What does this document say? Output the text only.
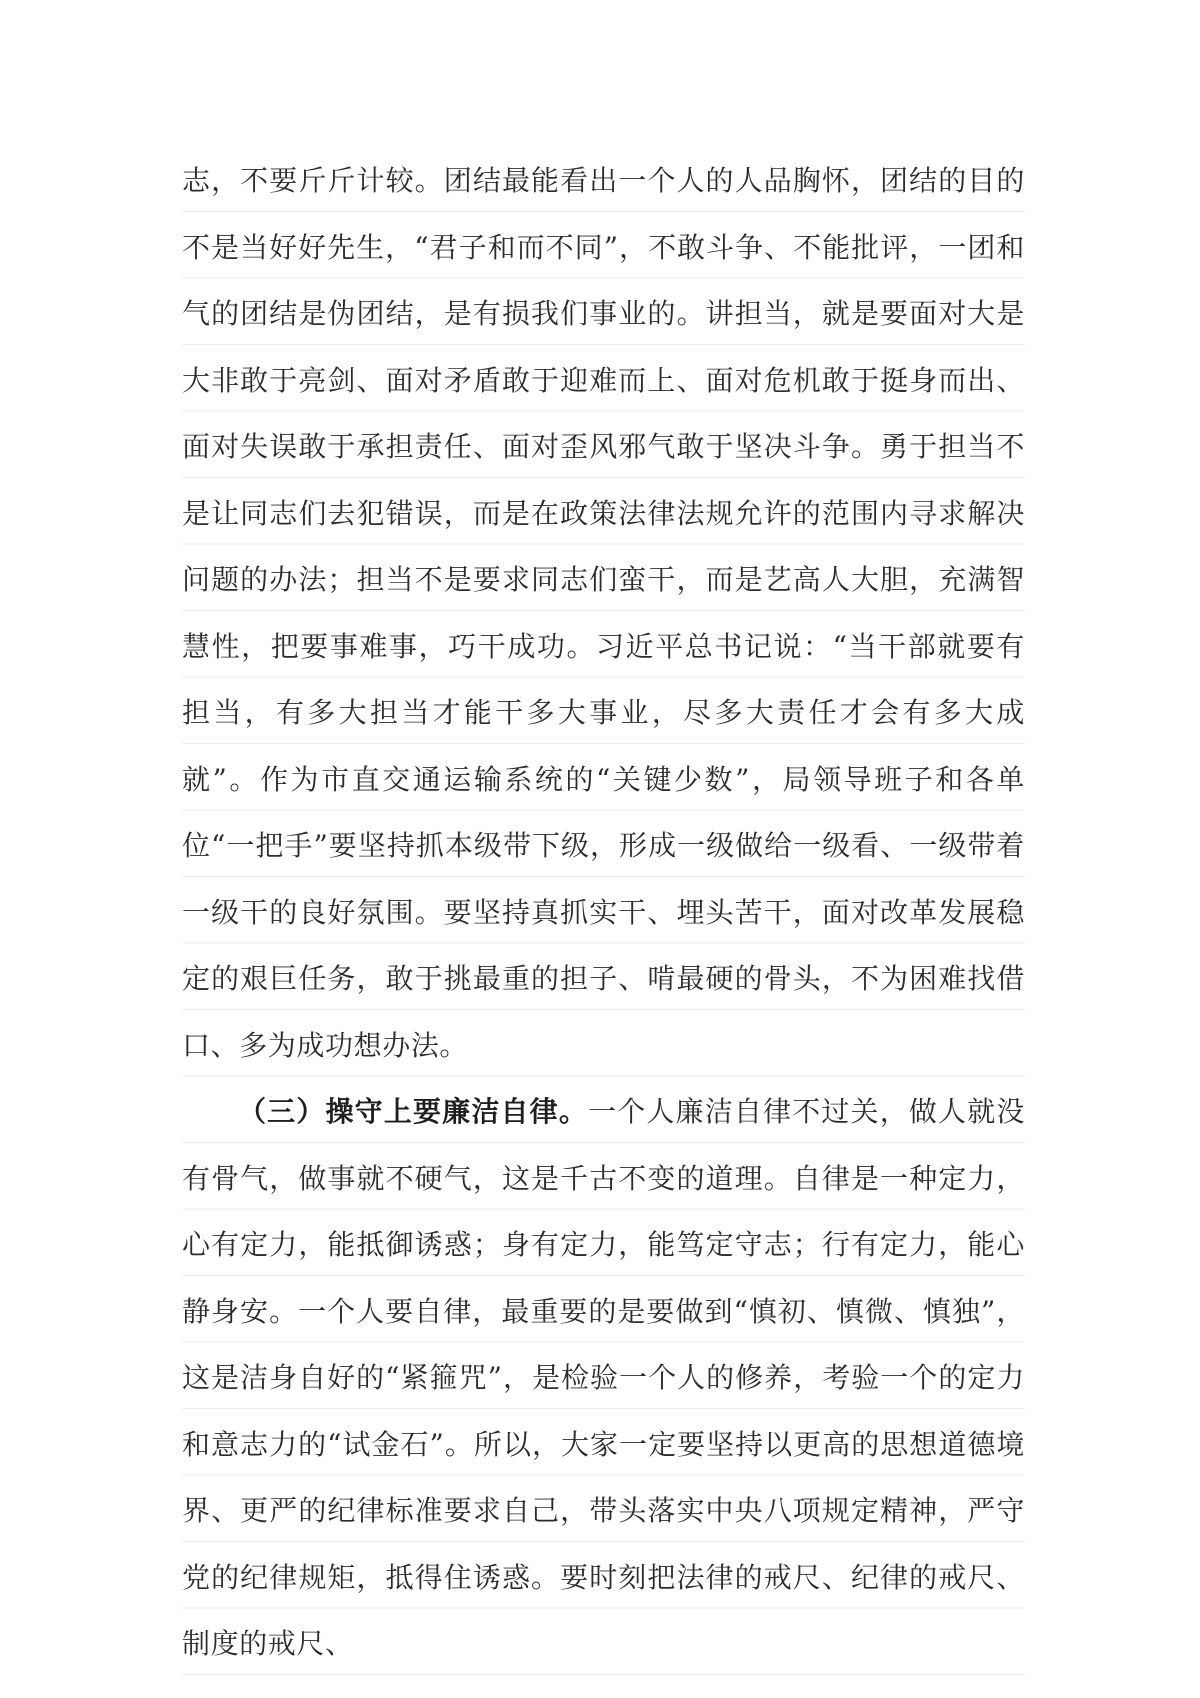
志，不要斤斤计较。团结最能看出一个人的人品胸怀，团结的目的不是当好好先生，“君子和而不同”，不敢斗争、不能批评，一团和气的团结是伪团结，是有损我们事业的。讲担当，就是要面对大是大非敢于亮剑、面对矛盾敢于迎难而上、面对危机敢于挺身而出、面对失误敢于承担责任、面对歪风邪气敢于坚决斗争。勇于担当不是让同志们去犯错误，而是在政策法律法规允许的范围内寻求解决问题的办法；担当不是要求同志们蛮干，而是艺高人大胆，充满智慧性，把要事难事，巧干成功。习近平总书记说：“当干部就要有担当，有多大担当才能干多大事业，尽多大责任才会有多大成就”。作为市直交通运输系统的“关键少数”，局领导班子和各单位“一把手”要坚持抓本级带下级，形成一级做给一级看、一级带着一级干的良好氛围。要坚持真抓实干、埋头苦干，面对改革发展稳定的艰巨任务，敢于挑最重的担子、啃最硬的骨头，不为困难找借口、多为成功想办法。

（三）操守上要廉洁自律。一个人廉洁自律不过关，做人就没有骨气，做事就不硬气，这是千古不变的道理。自律是一种定力，心有定力，能抵御诱惑；身有定力，能笃定守志；行有定力，能心静身安。一个人要自律，最重要的是要做到“慎初、慎微、慎独”，这是洁身自好的“紧箍咒”，是检验一个人的修养，考验一个的定力和意志力的“试金石”。所以，大家一定要坚持以更高的思想道德境界、更严的纪律标准要求自己，带头落实中央八项规定精神，严守党的纪律规矩，抵得住诱惑。要时刻把法律的戒尺、纪律的戒尺、制度的戒尺、
